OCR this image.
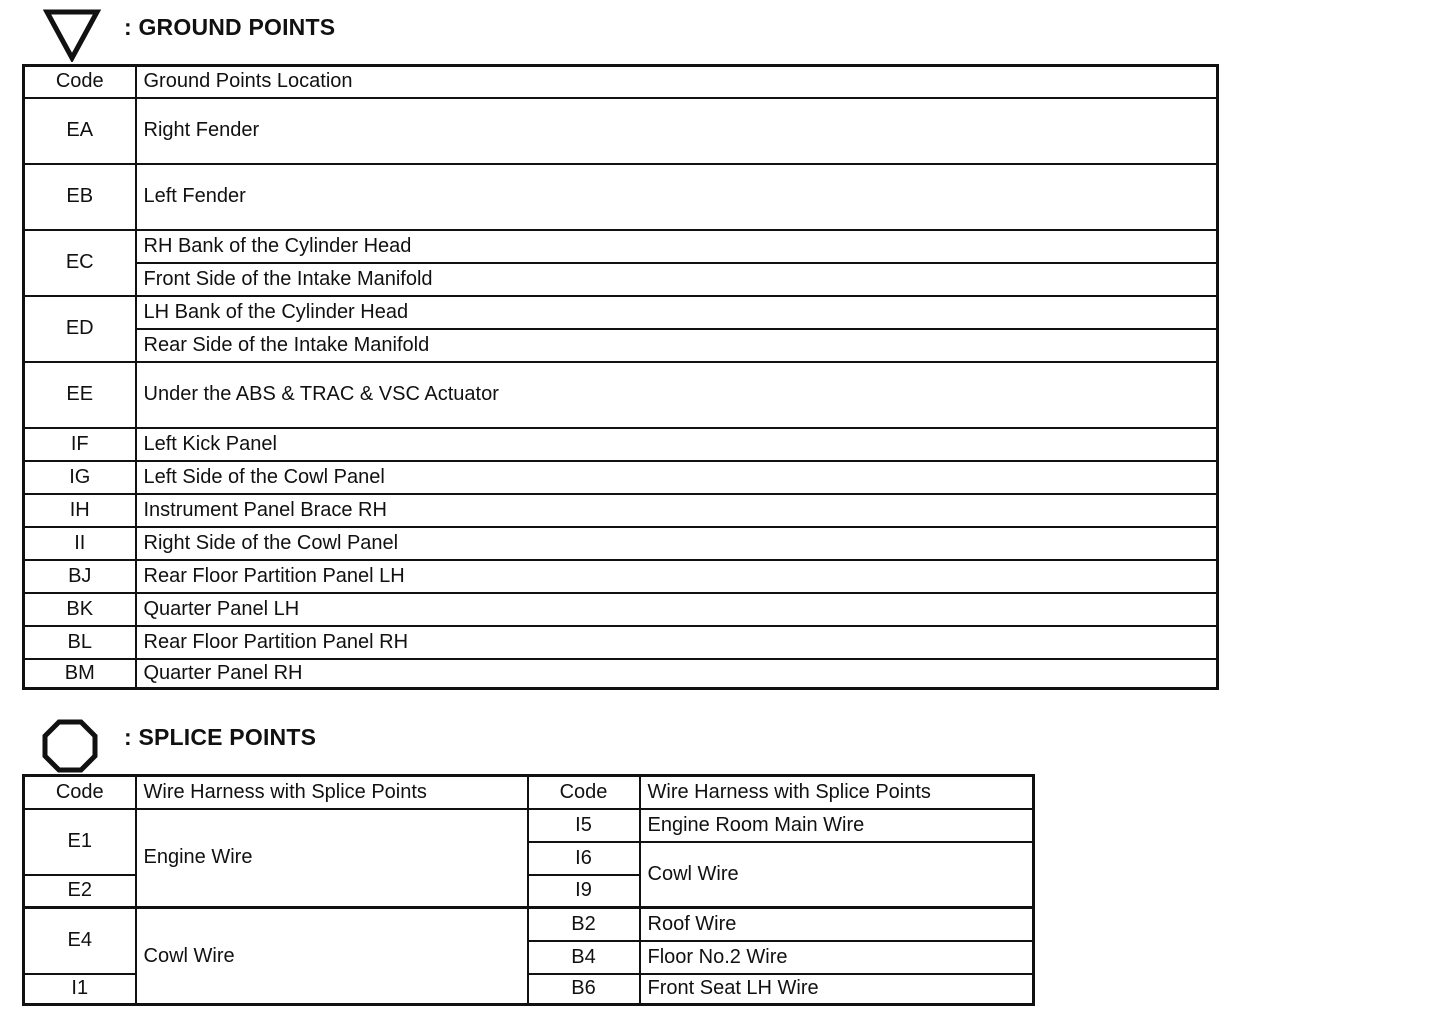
: GROUND POINTS
Code	Ground Points Location
EA	Right Fender
EB	Left Fender
EC	RH Bank of the Cylinder Head
	Front Side of the Intake Manifold
ED	LH Bank of the Cylinder Head
	Rear Side of the Intake Manifold
EE	Under the ABS & TRAC & VSC Actuator
IF	Left Kick Panel
IG	Left Side of the Cowl Panel
IH	Instrument Panel Brace RH
II	Right Side of the Cowl Panel
BJ	Rear Floor Partition Panel LH
BK	Quarter Panel LH
BL	Rear Floor Partition Panel RH
BM	Quarter Panel RH
: SPLICE POINTS
Code	Wire Harness with Splice Points	Code	Wire Harness with Splice Points
E1	Engine Wire	I5	Engine Room Main Wire
		I6	Cowl Wire
E2		I9	
E4	Cowl Wire	B2	Roof Wire
		B4	Floor No.2 Wire
I1		B6	Front Seat LH Wire
